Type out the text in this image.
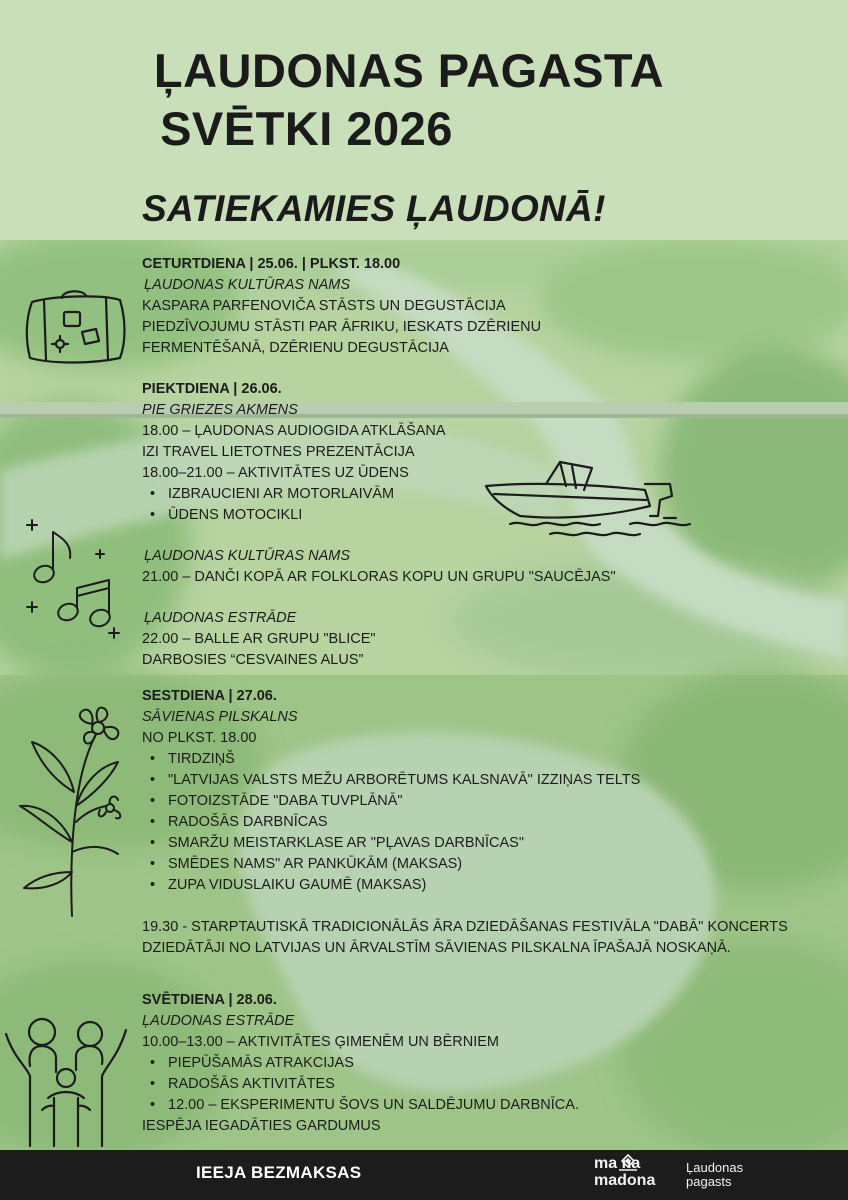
ĻAUDONAS PAGASTA
SVĒTKI 2026
SATIEKAMIES ĻAUDONĀ!

CETURTDIENA | 25.06. | PLKST. 18.00

ĻAUDONAS KULTŪRAS NAMS

KASPARA PARFENOVIČA STĀSTS UN DEGUSTĀCIJA

PIEDZĪVOJUMU STĀSTI PAR ĀFRIKU, IESKATS DZĒRIENU

FERMENTĒŠANĀ, DZĒRIENU DEGUSTĀCIJA

PIEKTDIENA | 26.06.

PIE GRIEZES AKMENS

18.00 – ĻAUDONAS AUDIOGIDA ATKLĀŠANA

IZI TRAVEL LIETOTNES PREZENTĀCIJA

18.00–21.00 – AKTIVITĀTES UZ ŪDENS

• IZBRAUCIENI AR MOTORLAIVĀM
• ŪDENS MOTOCIKLI

ĻAUDONAS KULTŪRAS NAMS

21.00 – DANČI KOPĀ AR FOLKLORAS KOPU UN GRUPU "SAUCĒJAS"

ĻAUDONAS ESTRĀDE

22.00 – BALLE AR GRUPU "BLICE"

DARBOSIES “CESVAINES ALUS”

SESTDIENA | 27.06.

SĀVIENAS PILSKALNS

NO PLKST. 18.00

• TIRDZIŅŠ
• "LATVIJAS VALSTS MEŽU ARBORĒTUMS KALSNAVĀ" IZZIŅAS TELTS
• FOTOIZSTĀDE "DABA TUVPLĀNĀ"
• RADOŠĀS DARBNĪCAS
• SMARŽU MEISTARKLASE AR "PĻAVAS DARBNĪCAS"
• SMĒDES NAMS" AR PANKŪKĀM (MAKSAS)
• ZUPA VIDUSLAIKU GAUMĒ (MAKSAS)

19.30 - STARPTAUTISKĀ TRADICIONĀLĀS ĀRA DZIEDĀŠANAS FESTIVĀLA "DABĀ" KONCERTS

DZIEDĀTĀJI NO LATVIJAS UN ĀRVALSTĪM SĀVIENAS PILSKALNA ĪPAŠAJĀ NOSKAŅĀ.

SVĒTDIENA | 28.06.

ĻAUDONAS ESTRĀDE

10.00–13.00 – AKTIVITĀTES ĢIMENĒM UN BĒRNIEM

• PIEPŪŠAMĀS ATRAKCIJAS
• RADOŠĀS AKTIVITĀTES
• 12.00 – EKSPERIMENTU ŠOVS UN SALDĒJUMU DARBNĪCA.

IESPĒJA IEGADĀTIES GARDUMUS

IEEJA BEZMAKSAS	ma na
madona
Ļaudonas
pagasts
